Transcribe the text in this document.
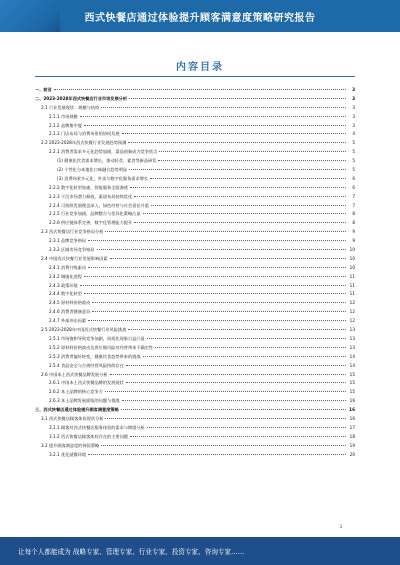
西式快餐店通过体验提升顾客满意度策略研究报告
内容目录
一、前言	3
二、2023-2028年西式快餐店行业市场发展分析	3
2.1 行业发展现状：规模与结构	3
2.1.1 市场规模	3
2.1.2 品牌集中度	3
2.1.3 门店布局与消费场景的协同发展	4
2.2 2023-2028年西式快餐行业发展趋势预测	5
2.2.1 消费者需求多元化趋势加剧，菜品创新成为竞争焦点	5
(1) 健康化饮食需求增长，推动轻食、素食等新品研发	5
(2) 个性化与本地化口味融合趋势明显	5
(3) 消费场景多元化，外卖与数字化服务需求增长	6
2.2.2 数字化转型加速，智能服务全面渗透	6
2.2.3 下沉市场潜力释放，渠道布局持续优化	7
2.2.4 可持续发展理念深入，绿色经营与社会责任并重	7
2.2.5 行业竞争加剧，品牌整合与差异化策略凸显	8
2.2.6 供应链体系完善，数字化管理能力提升	8
2.3 西式快餐店行业竞争格局分析	9
2.3.1 品牌竞争格局	9
2.3.2 区域市场竞争格局	10
2.4 中国西式快餐行业发展影响因素	10
2.4.1 消费升级驱动	10
2.4.2 城镇化进程	11
2.4.3 政策环境	11
2.4.4 数字化转型	11
2.4.5 原材料价格波动	12
2.4.6 消费者健康意识	12
2.4.7 外部冲击因素	12
2.5 2023-2028年中国西式快餐行业风险挑战	13
2.5.1 市场饱和导致竞争加剧，同质化现象日益凸显	13
2.5.2 原材料价格波动及供应链风险对经营带来不确定性	13
2.5.3 消费者偏好转变，健康饮食趋势带来的挑战	14
2.5.4 食品安全与合规经营风险持续存在	14
2.6 中国本土西式快餐品牌发展分析	15
2.6.1 中国本土西式快餐品牌的发展现状	15
2.6.2 本土品牌的核心竞争力	15
2.6.3 本土品牌发展面临的问题与挑战	16
三、西式快餐店通过体验提升顾客满意度策略	16
3.1 西式快餐店顾客体验现状分析	16
3.1.1 顾客对西式快餐店服务体验的需求与期望分析	17
3.1.2 西式快餐店顾客体验存在的主要问题	18
3.2 提升顾客满意度的体验策略	19
3.2.1 优化就餐环境	20
2
让每个人都能成为 战略专家、管理专家、行业专家、投资专家、咨询专家……
